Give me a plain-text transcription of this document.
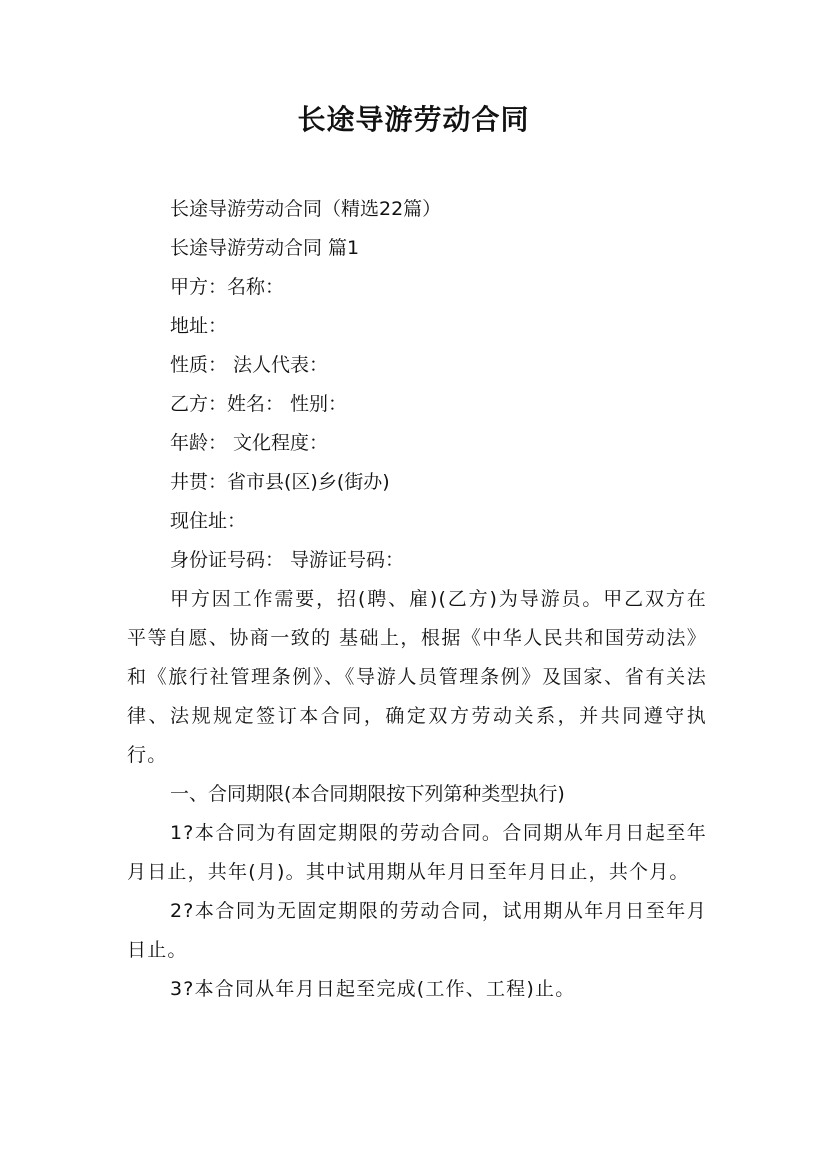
长途导游劳动合同

长途导游劳动合同（精选22篇）

长途导游劳动合同 篇1

甲方：名称：

地址：

性质： 法人代表：

乙方：姓名： 性别：

年龄： 文化程度：

井贯：省市县(区)乡(街办)

现住址：

身份证号码： 导游证号码：

甲方因工作需要，招(聘、雇)(乙方)为导游员。甲乙双方在平等自愿、协商一致的 基础上，根据《中华人民共和国劳动法》和《旅行社管理条例》、《导游人员管理条例》及国家、省有关法律、法规规定签订本合同，确定双方劳动关系，并共同遵守执行。

一、合同期限(本合同期限按下列第种类型执行)

1?本合同为有固定期限的劳动合同。合同期从年月日起至年月日止，共年(月)。其中试用期从年月日至年月日止，共个月。

2?本合同为无固定期限的劳动合同，试用期从年月日至年月日止。

3?本合同从年月日起至完成(工作、工程)止。
